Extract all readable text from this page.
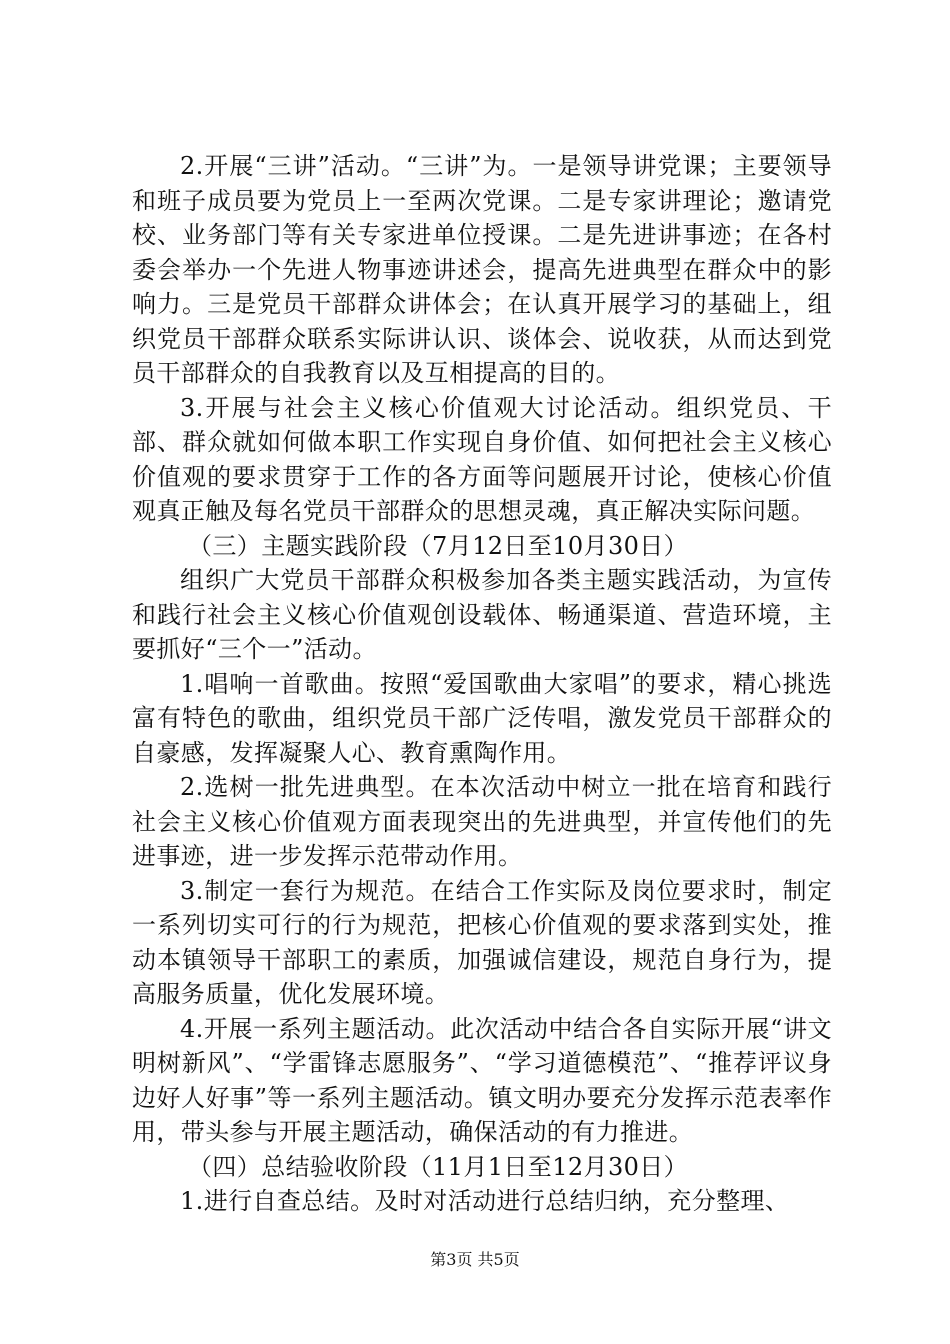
2.开展“三讲”活动。“三讲”为。一是领导讲党课；主要领导和班子成员要为党员上一至两次党课。二是专家讲理论；邀请党校、业务部门等有关专家进单位授课。二是先进讲事迹；在各村委会举办一个先进人物事迹讲述会，提高先进典型在群众中的影响力。三是党员干部群众讲体会；在认真开展学习的基础上，组织党员干部群众联系实际讲认识、谈体会、说收获，从而达到党员干部群众的自我教育以及互相提高的目的。

3.开展与社会主义核心价值观大讨论活动。组织党员、干部、群众就如何做本职工作实现自身价值、如何把社会主义核心价值观的要求贯穿于工作的各方面等问题展开讨论，使核心价值观真正触及每名党员干部群众的思想灵魂，真正解决实际问题。

（三）主题实践阶段（7月12日至10月30日）

组织广大党员干部群众积极参加各类主题实践活动，为宣传和践行社会主义核心价值观创设载体、畅通渠道、营造环境，主要抓好“三个一”活动。

1.唱响一首歌曲。按照“爱国歌曲大家唱”的要求，精心挑选富有特色的歌曲，组织党员干部广泛传唱，激发党员干部群众的自豪感，发挥凝聚人心、教育熏陶作用。

2.选树一批先进典型。在本次活动中树立一批在培育和践行社会主义核心价值观方面表现突出的先进典型，并宣传他们的先进事迹，进一步发挥示范带动作用。

3.制定一套行为规范。在结合工作实际及岗位要求时，制定一系列切实可行的行为规范，把核心价值观的要求落到实处，推动本镇领导干部职工的素质，加强诚信建设，规范自身行为，提高服务质量，优化发展环境。

4.开展一系列主题活动。此次活动中结合各自实际开展“讲文明树新风”、“学雷锋志愿服务”、“学习道德模范”、“推荐评议身边好人好事”等一系列主题活动。镇文明办要充分发挥示范表率作用，带头参与开展主题活动，确保活动的有力推进。

（四）总结验收阶段（11月1日至12月30日）

1.进行自查总结。及时对活动进行总结归纳，充分整理、

第3页 共5页
